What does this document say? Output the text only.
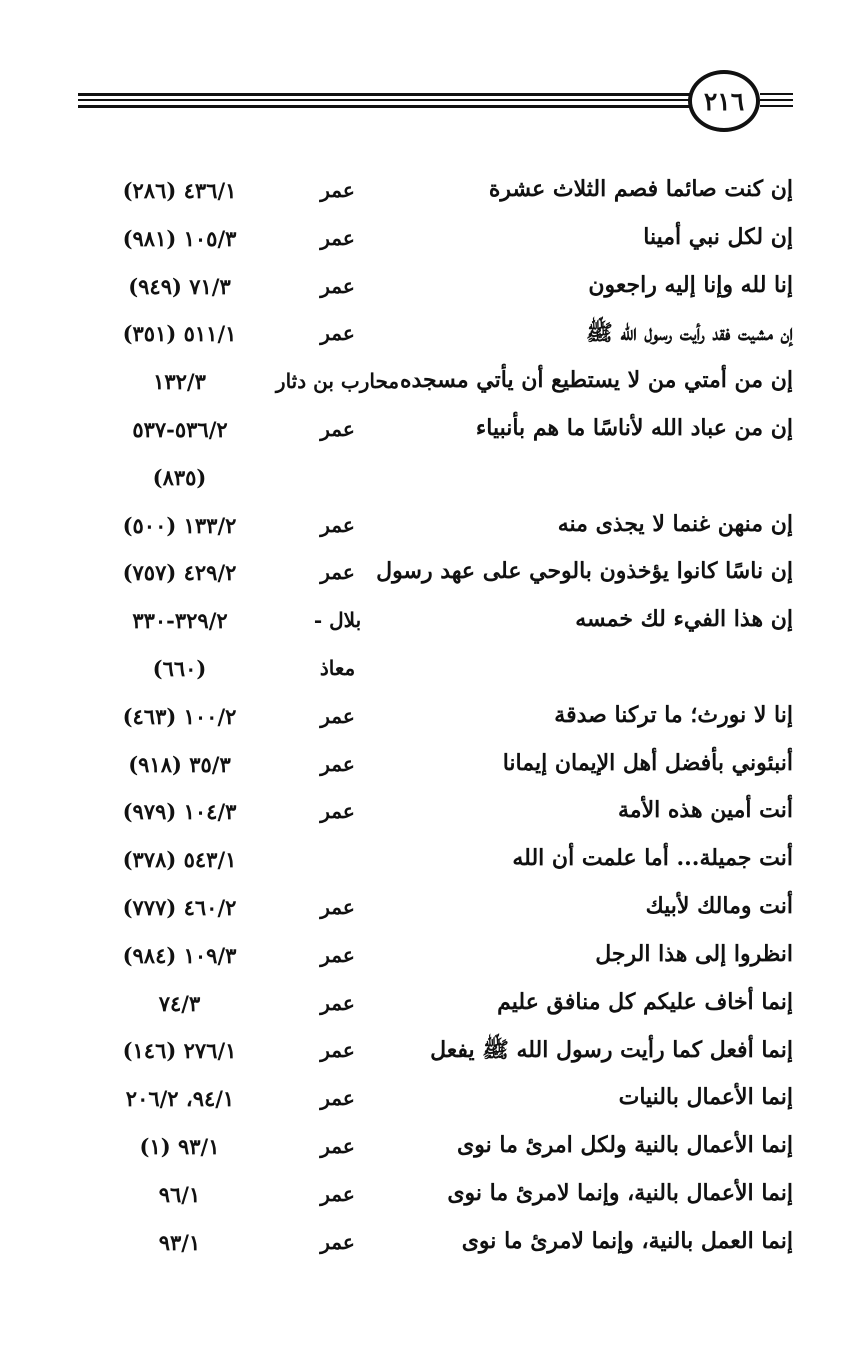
٢١٦
إن كنت صائما فصم الثلاث عشرة
عمر
٤٣٦/١ (٢٨٦)
إن لكل نبي أمينا
عمر
١٠٥/٣ (٩٨١)
إنا لله وإنا إليه راجعون
عمر
٧١/٣ (٩٤٩)
إن مشيت فقد رأيت رسول الله ﷺ
عمر
٥١١/١ (٣٥١)
إن من أمتي من لا يستطيع أن يأتي مسجده
محارب بن دثار
١٣٢/٣
إن من عباد الله لأناسًا ما هم بأنبياء
عمر
٥٣٦/٢-٥٣٧
(٨٣٥)
إن منهن غنما لا يجذى منه
عمر
١٣٣/٢ (٥٠٠)
إن ناسًا كانوا يؤخذون بالوحي على عهد رسول
عمر
٤٢٩/٢ (٧٥٧)
إن هذا الفيء لك خمسه
بلال -
٣٢٩/٢-٣٣٠
معاذ
(٦٦٠)
إنا لا نورث؛ ما تركنا صدقة
عمر
١٠٠/٢ (٤٦٣)
أنبئوني بأفضل أهل الإيمان إيمانا
عمر
٣٥/٣ (٩١٨)
أنت أمين هذه الأمة
عمر
١٠٤/٣ (٩٧٩)
أنت جميلة... أما علمت أن الله
٥٤٣/١ (٣٧٨)
أنت ومالك لأبيك
عمر
٤٦٠/٢ (٧٧٧)
انظروا إلى هذا الرجل
عمر
١٠٩/٣ (٩٨٤)
إنما أخاف عليكم كل منافق عليم
عمر
٧٤/٣
إنما أفعل كما رأيت رسول الله ﷺ يفعل
عمر
٢٧٦/١ (١٤٦)
إنما الأعمال بالنيات
عمر
٩٤/١، ٢٠٦/٢
إنما الأعمال بالنية ولكل امرئ ما نوى
عمر
٩٣/١ (١)
إنما الأعمال بالنية، وإنما لامرئ ما نوى
عمر
٩٦/١
إنما العمل بالنية، وإنما لامرئ ما نوى
عمر
٩٣/١
